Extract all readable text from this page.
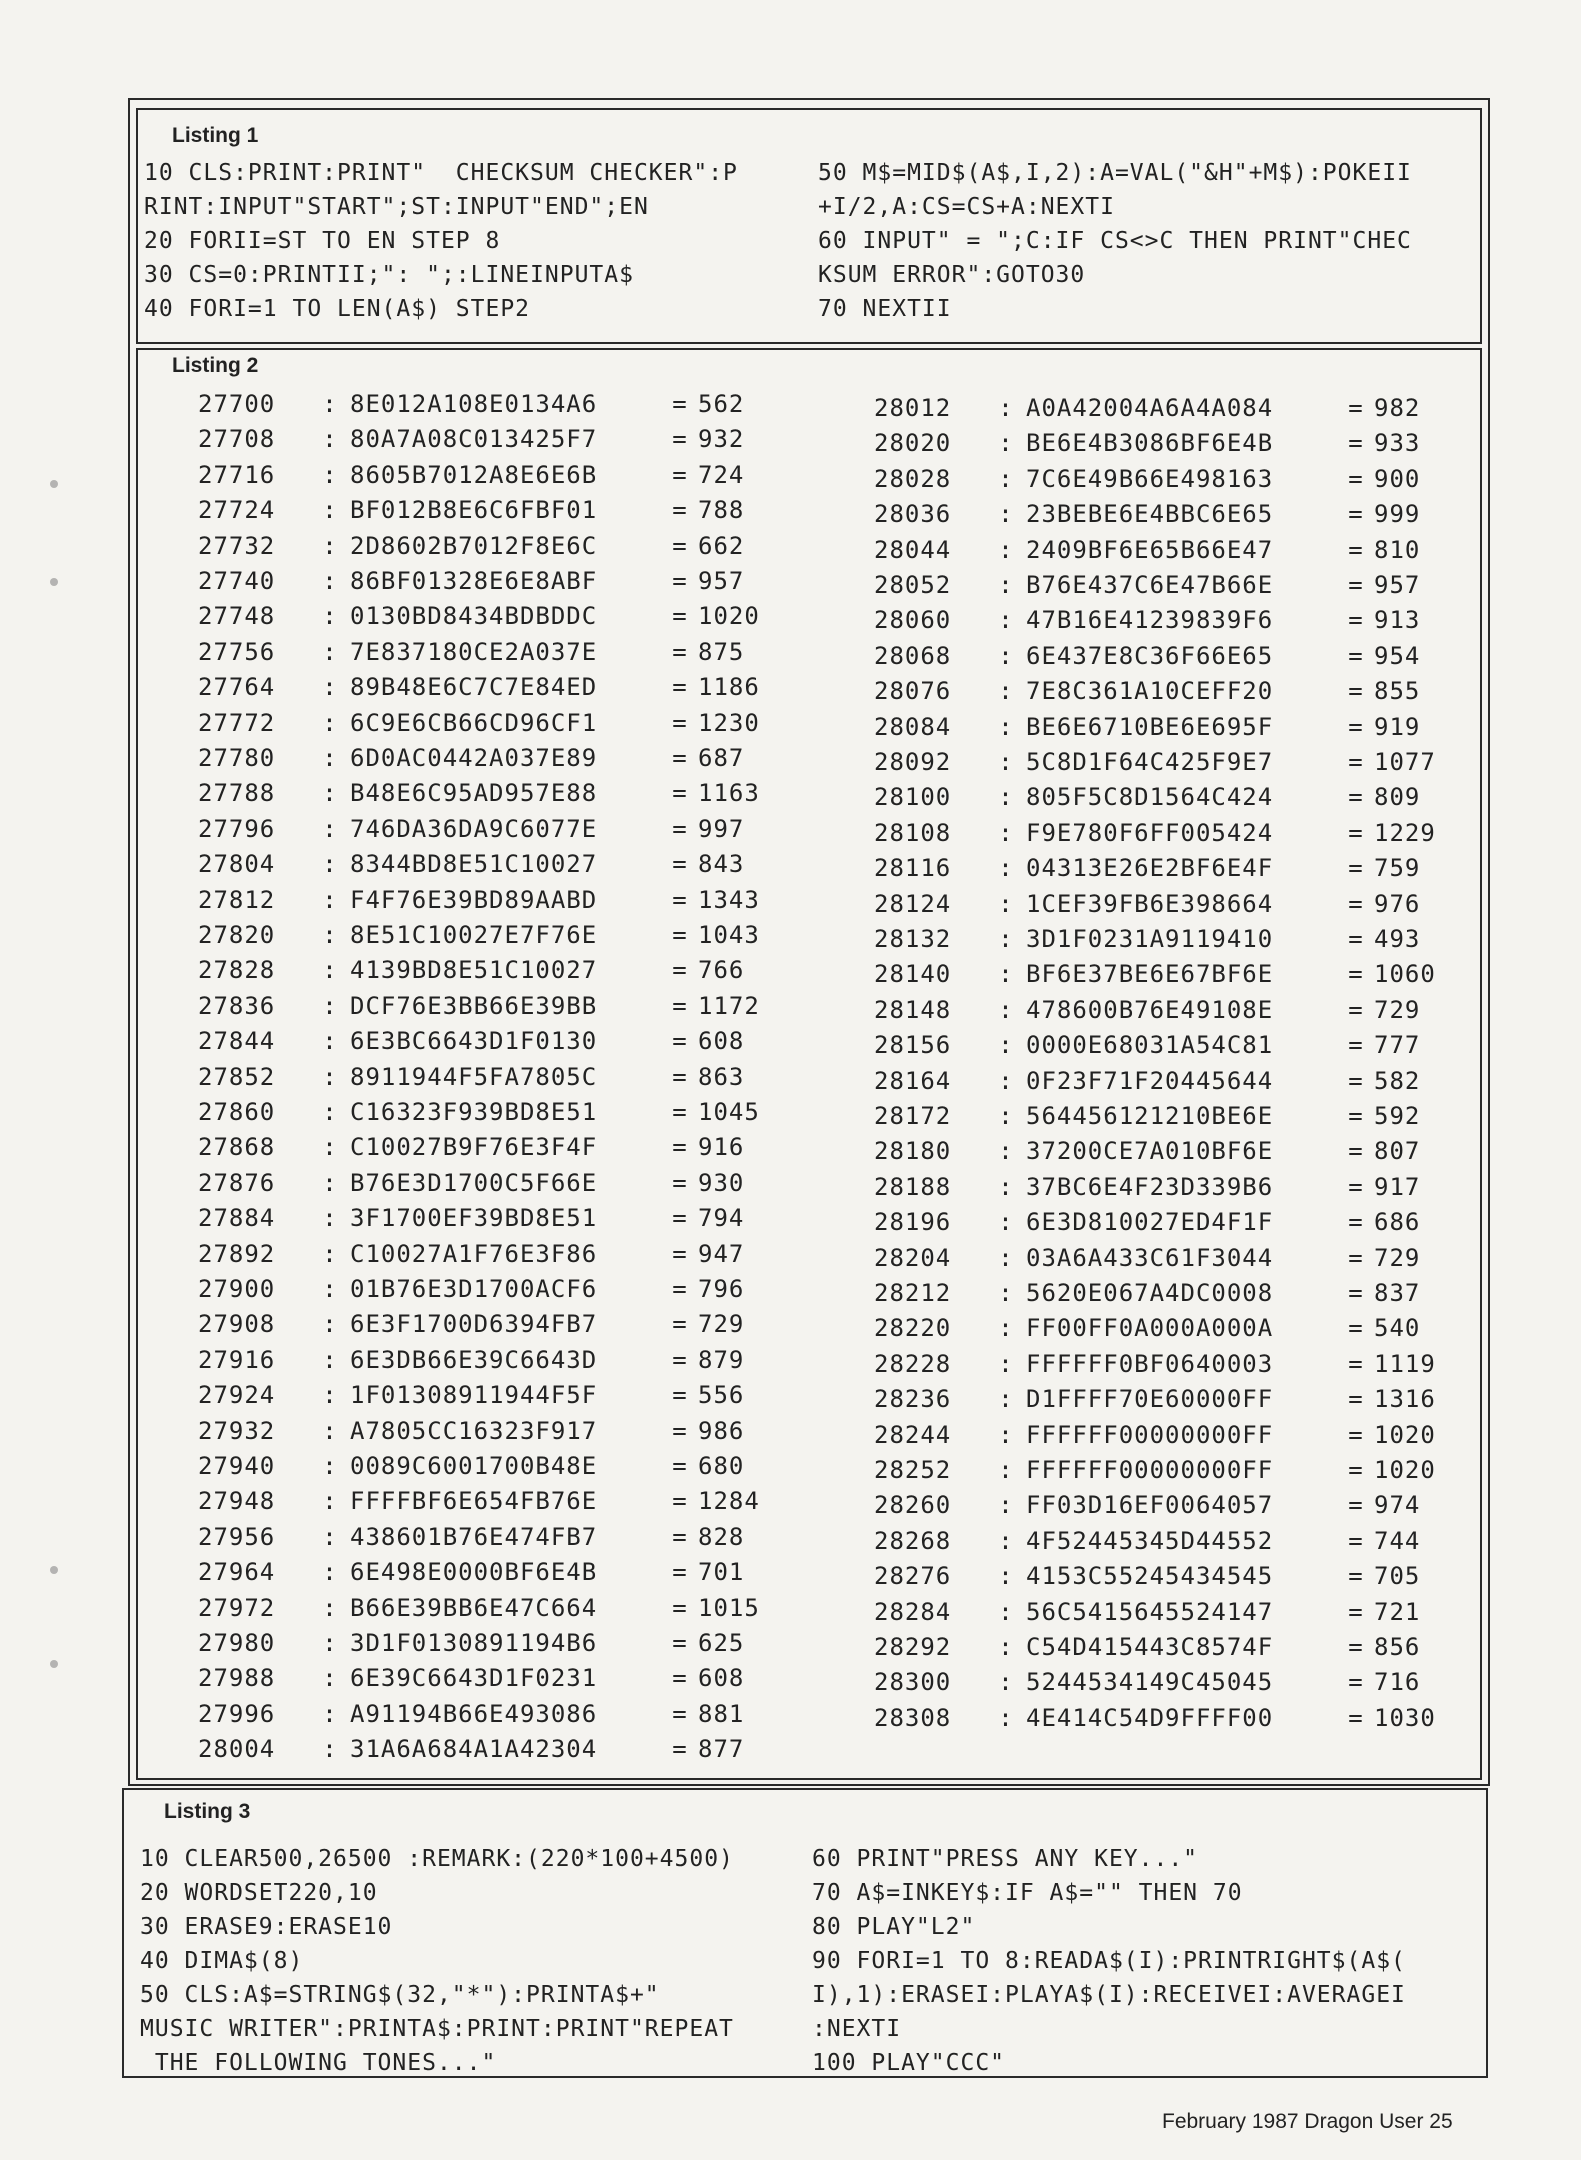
Listing 1
10 CLS:PRINT:PRINT"  CHECKSUM CHECKER":P
RINT:INPUT"START";ST:INPUT"END";EN
20 FORII=ST TO EN STEP 8
30 CS=0:PRINTII;": ";:LINEINPUTA$
40 FORI=1 TO LEN(A$) STEP2
50 M$=MID$(A$,I,2):A=VAL("&H"+M$):POKEII
+I/2,A:CS=CS+A:NEXTI
60 INPUT" = ";C:IF CS<>C THEN PRINT"CHEC
KSUM ERROR":GOTO30
70 NEXTII
Listing 2
27700 : 8E012A108E0134A6	= 562
27708 : 80A7A08C013425F7	= 932
27716 : 8605B7012A8E6E6B	= 724
27724 : BF012B8E6C6FBF01	= 788
27732 : 2D8602B7012F8E6C	= 662
27740 : 86BF01328E6E8ABF	= 957
27748 : 0130BD8434BDBDDC	= 1020
27756 : 7E837180CE2A037E	= 875
27764 : 89B48E6C7C7E84ED	= 1186
27772 : 6C9E6CB66CD96CF1	= 1230
27780 : 6D0AC0442A037E89	= 687
27788 : B48E6C95AD957E88	= 1163
27796 : 746DA36DA9C6077E	= 997
27804 : 8344BD8E51C10027	= 843
27812 : F4F76E39BD89AABD	= 1343
27820 : 8E51C10027E7F76E	= 1043
27828 : 4139BD8E51C10027	= 766
27836 : DCF76E3BB66E39BB	= 1172
27844 : 6E3BC6643D1F0130	= 608
27852 : 8911944F5FA7805C	= 863
27860 : C16323F939BD8E51	= 1045
27868 : C10027B9F76E3F4F	= 916
27876 : B76E3D1700C5F66E	= 930
27884 : 3F1700EF39BD8E51	= 794
27892 : C10027A1F76E3F86	= 947
27900 : 01B76E3D1700ACF6	= 796
27908 : 6E3F1700D6394FB7	= 729
27916 : 6E3DB66E39C6643D	= 879
27924 : 1F01308911944F5F	= 556
27932 : A7805CC16323F917	= 986
27940 : 0089C6001700B48E	= 680
27948 : FFFFBF6E654FB76E	= 1284
27956 : 438601B76E474FB7	= 828
27964 : 6E498E0000BF6E4B	= 701
27972 : B66E39BB6E47C664	= 1015
27980 : 3D1F0130891194B6	= 625
27988 : 6E39C6643D1F0231	= 608
27996 : A91194B66E493086	= 881
28004 : 31A6A684A1A42304	= 877
28012 : A0A42004A6A4A084	= 982
28020 : BE6E4B3086BF6E4B	= 933
28028 : 7C6E49B66E498163	= 900
28036 : 23BEBE6E4BBC6E65	= 999
28044 : 2409BF6E65B66E47	= 810
28052 : B76E437C6E47B66E	= 957
28060 : 47B16E41239839F6	= 913
28068 : 6E437E8C36F66E65	= 954
28076 : 7E8C361A10CEFF20	= 855
28084 : BE6E6710BE6E695F	= 919
28092 : 5C8D1F64C425F9E7	= 1077
28100 : 805F5C8D1564C424	= 809
28108 : F9E780F6FF005424	= 1229
28116 : 04313E26E2BF6E4F	= 759
28124 : 1CEF39FB6E398664	= 976
28132 : 3D1F0231A9119410	= 493
28140 : BF6E37BE6E67BF6E	= 1060
28148 : 478600B76E49108E	= 729
28156 : 0000E68031A54C81	= 777
28164 : 0F23F71F20445644	= 582
28172 : 564456121210BE6E	= 592
28180 : 37200CE7A010BF6E	= 807
28188 : 37BC6E4F23D339B6	= 917
28196 : 6E3D810027ED4F1F	= 686
28204 : 03A6A433C61F3044	= 729
28212 : 5620E067A4DC0008	= 837
28220 : FF00FF0A000A000A	= 540
28228 : FFFFFF0BF0640003	= 1119
28236 : D1FFFF70E60000FF	= 1316
28244 : FFFFFF00000000FF	= 1020
28252 : FFFFFF00000000FF	= 1020
28260 : FF03D16EF0064057	= 974
28268 : 4F52445345D44552	= 744
28276 : 4153C55245434545	= 705
28284 : 56C5415645524147	= 721
28292 : C54D415443C8574F	= 856
28300 : 5244534149C45045	= 716
28308 : 4E414C54D9FFFF00	= 1030
Listing 3
10 CLEAR500,26500 :REMARK:(220*100+4500)
20 WORDSET220,10
30 ERASE9:ERASE10
40 DIMA$(8)
50 CLS:A$=STRING$(32,"*"):PRINTA$+"
MUSIC WRITER":PRINTA$:PRINT:PRINT"REPEAT
THE FOLLOWING TONES..."
60 PRINT"PRESS ANY KEY..."
70 A$=INKEY$:IF A$="" THEN 70
80 PLAY"L2"
90 FORI=1 TO 8:READA$(I):PRINTRIGHT$(A$(
I),1):ERASEI:PLAYA$(I):RECEIVEI:AVERAGEI
:NEXTI
100 PLAY"CCC"
February 1987 Dragon User 25
